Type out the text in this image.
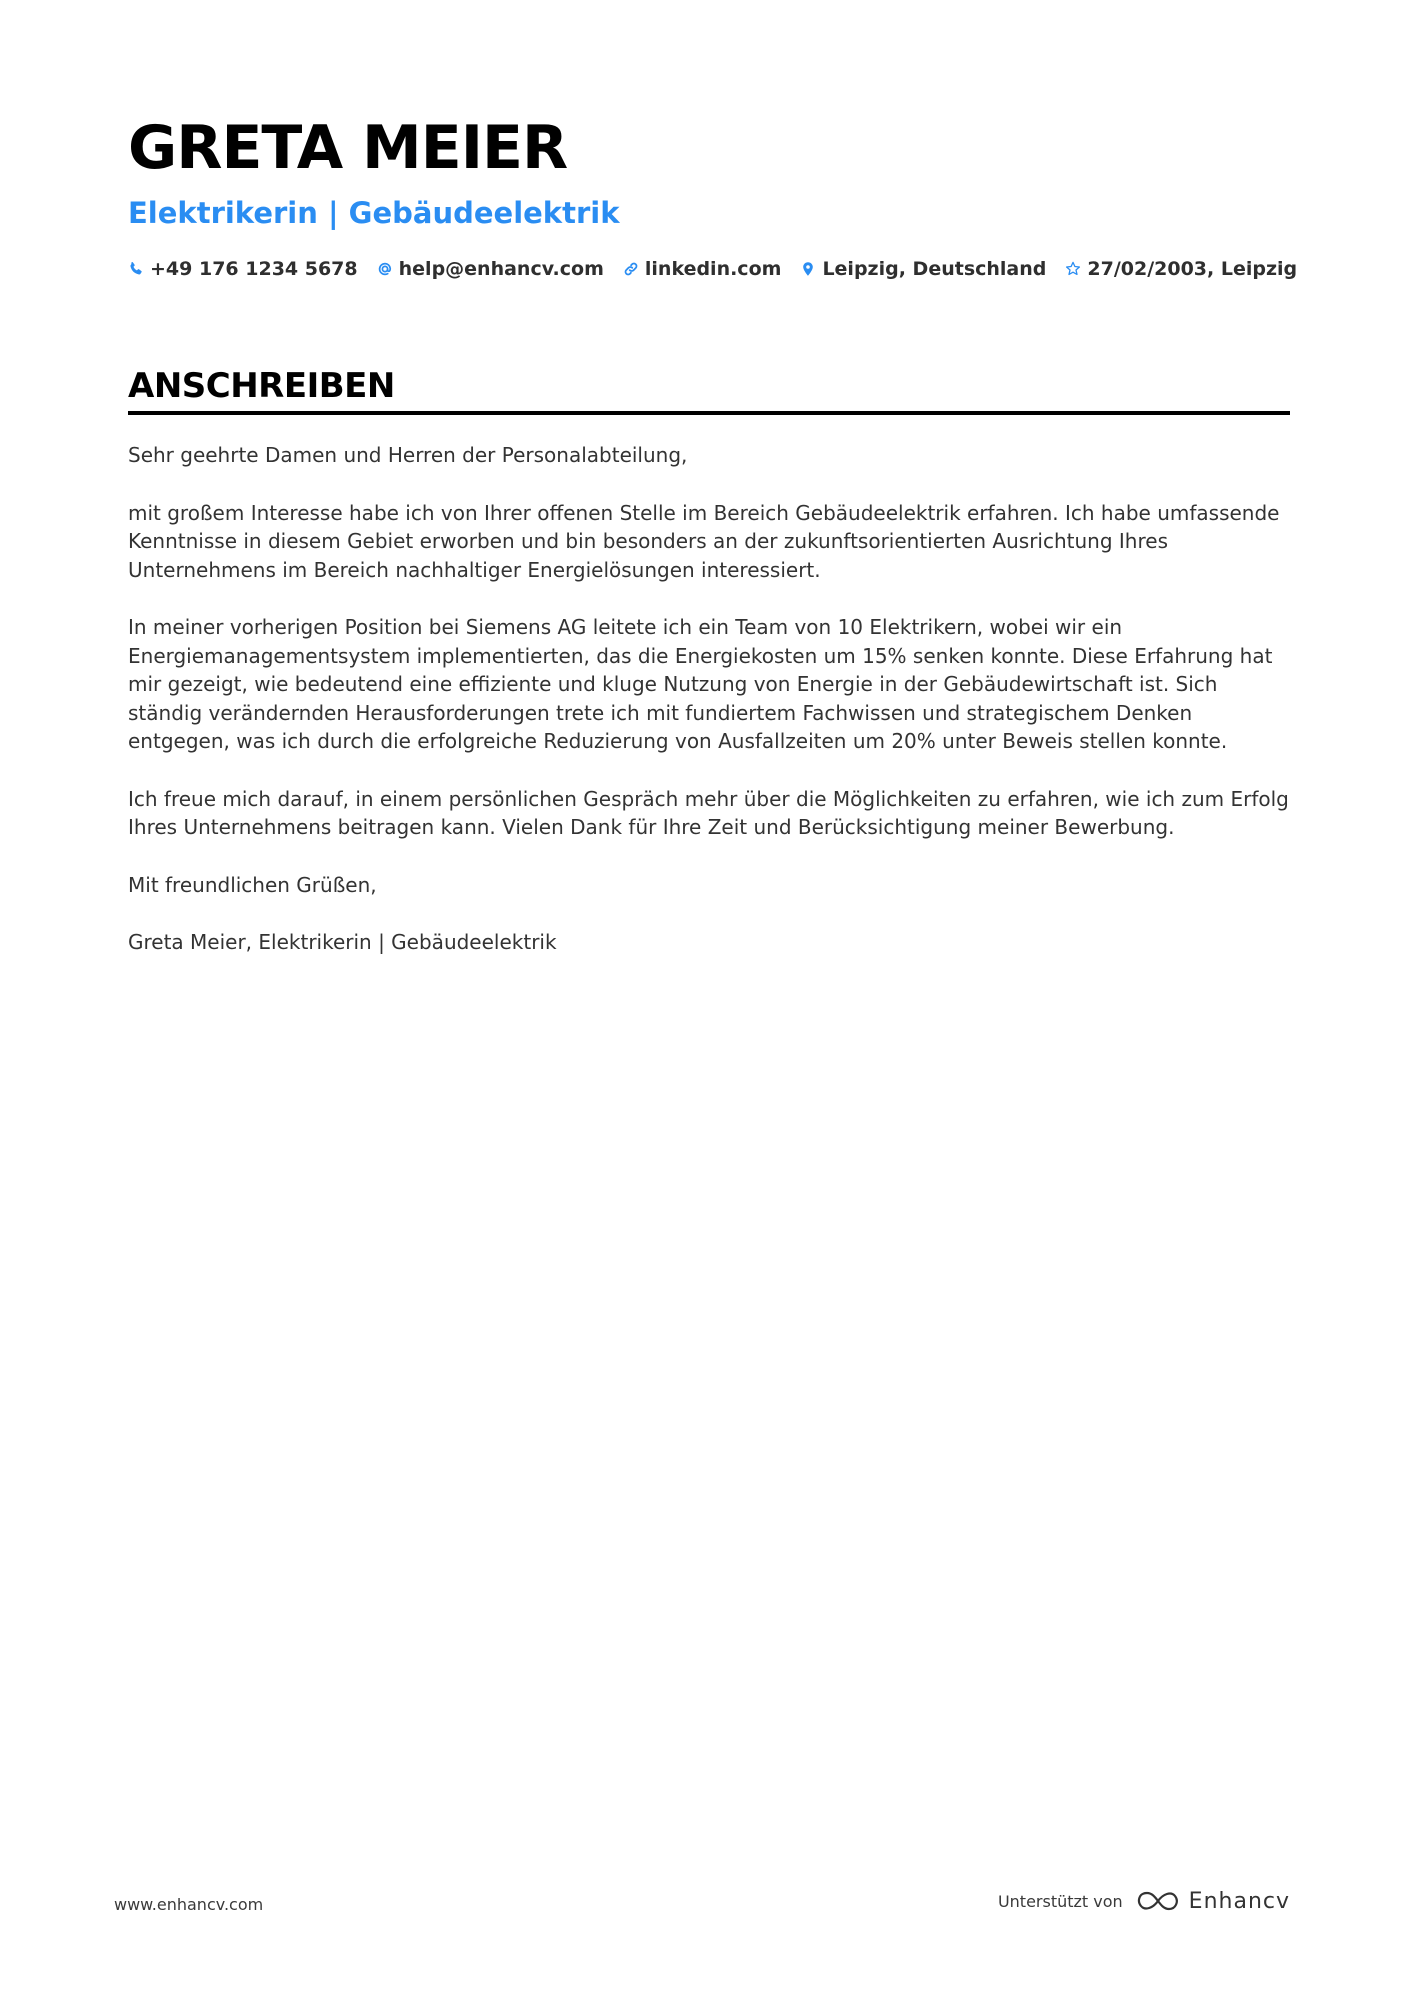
GRETA MEIER
Elektrikerin | Gebäudeelektrik
+49 176 1234 5678 help@enhancv.com linkedin.com Leipzig, Deutschland 27/02/2003, Leipzig
ANSCHREIBEN

Sehr geehrte Damen und Herren der Personalabteilung,

mit großem Interesse habe ich von Ihrer offenen Stelle im Bereich Gebäudeelektrik erfahren. Ich habe umfassende Kenntnisse in diesem Gebiet erworben und bin besonders an der zukunftsorientierten Ausrichtung Ihres Unternehmens im Bereich nachhaltiger Energielösungen interessiert.

In meiner vorherigen Position bei Siemens AG leitete ich ein Team von 10 Elektrikern, wobei wir ein Energiemanagementsystem implementierten, das die Energiekosten um 15% senken konnte. Diese Erfahrung hat mir gezeigt, wie bedeutend eine effiziente und kluge Nutzung von Energie in der Gebäudewirtschaft ist. Sich ständig verändernden Herausforderungen trete ich mit fundiertem Fachwissen und strategischem Denken entgegen, was ich durch die erfolgreiche Reduzierung von Ausfallzeiten um 20% unter Beweis stellen konnte.

Ich freue mich darauf, in einem persönlichen Gespräch mehr über die Möglichkeiten zu erfahren, wie ich zum Erfolg Ihres Unternehmens beitragen kann. Vielen Dank für Ihre Zeit und Berücksichtigung meiner Bewerbung.

Mit freundlichen Grüßen,

Greta Meier, Elektrikerin | Gebäudeelektrik

www.enhancv.com	Unterstützt von	Enhancv
